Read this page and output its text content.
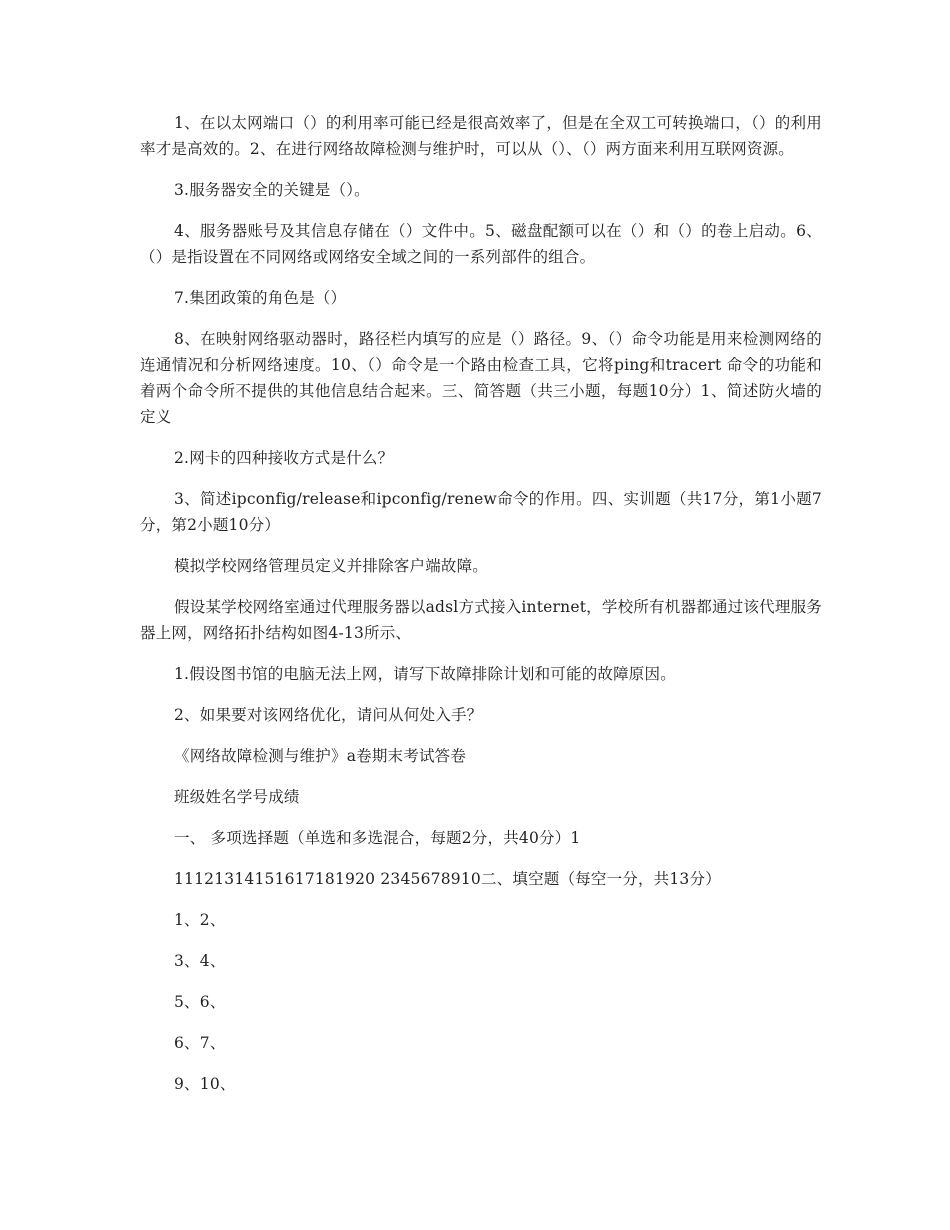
1、在以太网端口（）的利用率可能已经是很高效率了，但是在全双工可转换端口，（）的利用率才是高效的。2、在进行网络故障检测与维护时，可以从（）、（）两方面来利用互联网资源。

3.服务器安全的关键是（）。

4、服务器账号及其信息存储在（）文件中。5、磁盘配额可以在（）和（）的卷上启动。6、（）是指设置在不同网络或网络安全域之间的一系列部件的组合。

7.集团政策的角色是（）

8、在映射网络驱动器时，路径栏内填写的应是（）路径。9、（）命令功能是用来检测网络的连通情况和分析网络速度。10、（）命令是一个路由检查工具，它将ping和tracert 命令的功能和着两个命令所不提供的其他信息结合起来。三、简答题（共三小题，每题10分）1、简述防火墙的定义

2.网卡的四种接收方式是什么？

3、简述ipconfig/release和ipconfig/renew命令的作用。四、实训题（共17分，第1小题7分，第2小题10分）

模拟学校网络管理员定义并排除客户端故障。

假设某学校网络室通过代理服务器以adsl方式接入internet，学校所有机器都通过该代理服务器上网，网络拓扑结构如图4-13所示、

1.假设图书馆的电脑无法上网，请写下故障排除计划和可能的故障原因。

2、如果要对该网络优化，请问从何处入手？

《网络故障检测与维护》a卷期末考试答卷

班级姓名学号成绩

一、 多项选择题（单选和多选混合，每题2分，共40分）1

11121314151617181920 2345678910二、填空题（每空一分，共13分）

1、2、

3、4、

5、6、

6、7、

9、10、
